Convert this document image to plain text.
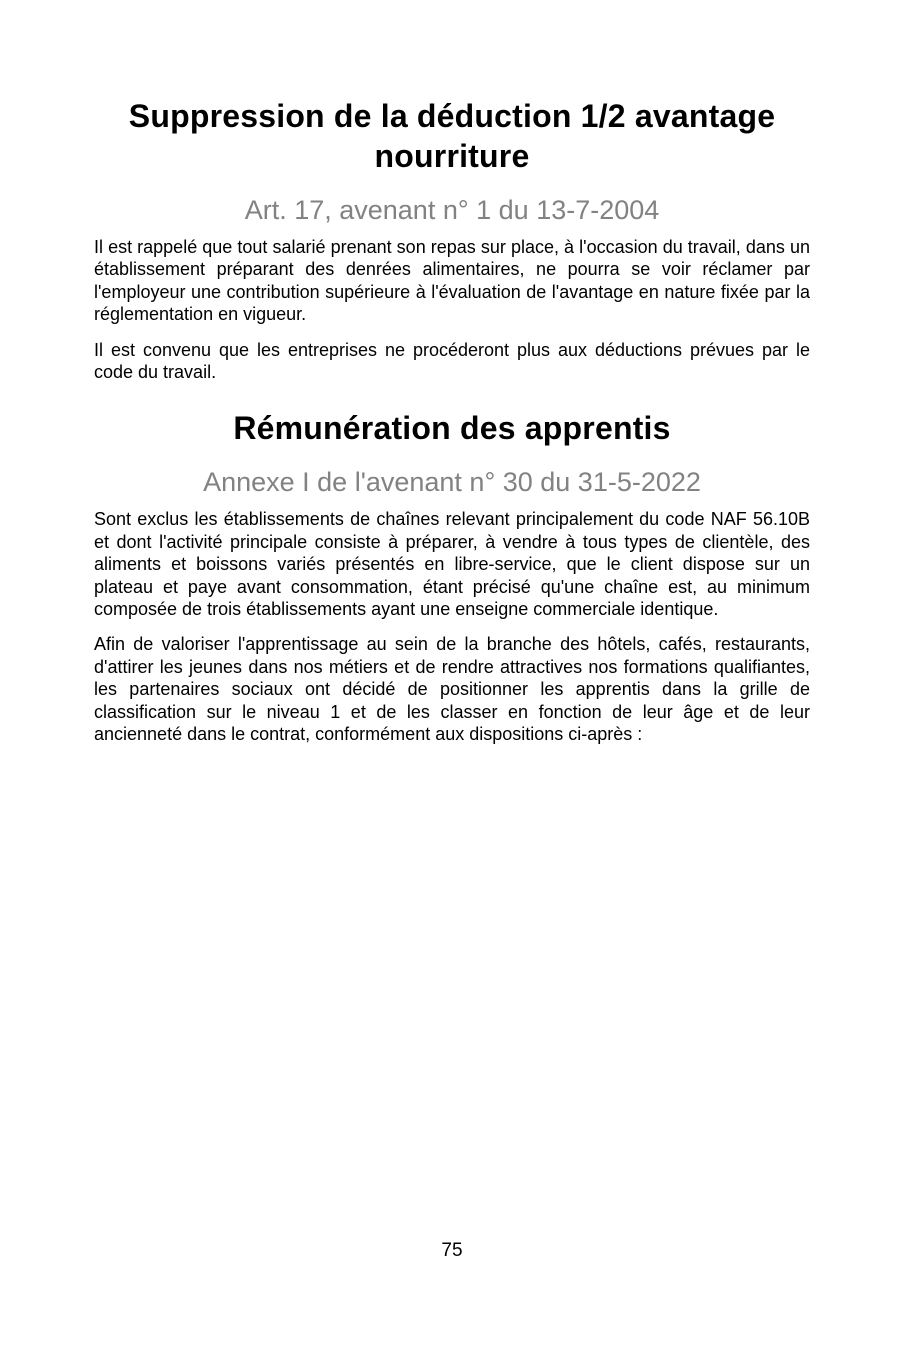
Suppression de la déduction 1/2 avantage nourriture
Art. 17, avenant n° 1 du 13-7-2004

Il est rappelé que tout salarié prenant son repas sur place, à l'occasion du travail, dans un établissement préparant des denrées alimentaires, ne pourra se voir réclamer par l'employeur une contribution supérieure à l'évaluation de l'avantage en nature fixée par la réglementation en vigueur.

Il est convenu que les entreprises ne procéderont plus aux déductions prévues par le code du travail.

Rémunération des apprentis
Annexe I de l'avenant n° 30 du 31-5-2022

Sont exclus les établissements de chaînes relevant principalement du code NAF 56.10B et dont l'activité principale consiste à préparer, à vendre à tous types de clientèle, des aliments et boissons variés présentés en libre-service, que le client dispose sur un plateau et paye avant consommation, étant précisé qu'une chaîne est, au minimum composée de trois établissements ayant une enseigne commerciale identique.

Afin de valoriser l'apprentissage au sein de la branche des hôtels, cafés, restaurants, d'attirer les jeunes dans nos métiers et de rendre attractives nos formations qualifiantes, les partenaires sociaux ont décidé de positionner les apprentis dans la grille de classification sur le niveau 1 et de les classer en fonction de leur âge et de leur ancienneté dans le contrat, conformément aux dispositions ci-après :

75
